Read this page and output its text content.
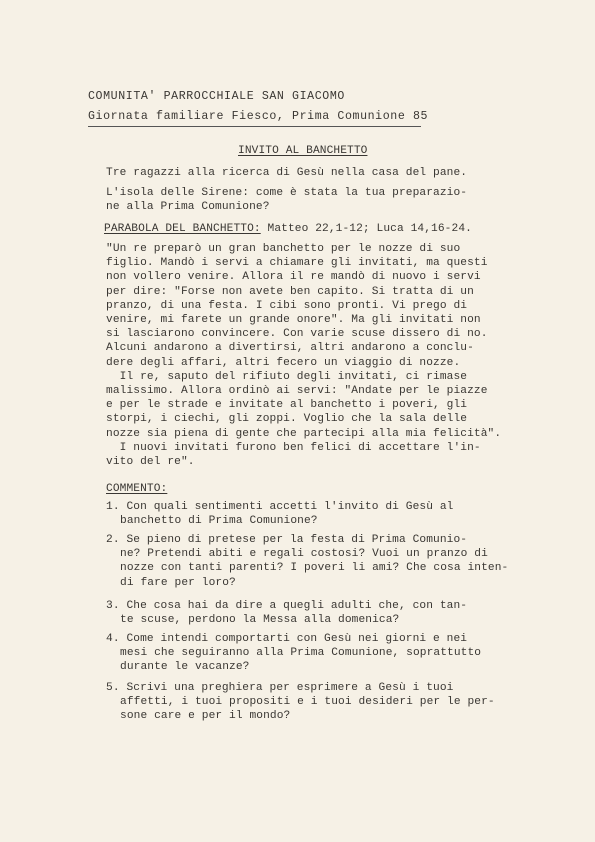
COMUNITA' PARROCCHIALE SAN GIACOMO
Giornata familiare Fiesco, Prima Comunione 85
INVITO AL BANCHETTO
Tre ragazzi alla ricerca di Gesù nella casa del pane.
L'isola delle Sirene: come è stata la tua preparazio-
ne alla Prima Comunione?
PARABOLA DEL BANCHETTO: Matteo 22,1-12; Luca 14,16-24.
"Un re preparò un gran banchetto per le nozze di suo
figlio. Mandò i servi a chiamare gli invitati, ma questi
non vollero venire. Allora il re mandò di nuovo i servi
per dire: "Forse non avete ben capito. Si tratta di un
pranzo, di una festa. I cibi sono pronti. Vi prego di
venire, mi farete un grande onore". Ma gli invitati non
si lasciarono convincere. Con varie scuse dissero di no.
Alcuni andarono a divertirsi, altri andarono a conclu-
dere degli affari, altri fecero un viaggio di nozze.
Il re, saputo del rifiuto degli invitati, ci rimase
malissimo. Allora ordinò ai servi: "Andate per le piazze
e per le strade e invitate al banchetto i poveri, gli
storpi, i ciechi, gli zoppi. Voglio che la sala delle
nozze sia piena di gente che partecipi alla mia felicità".
I nuovi invitati furono ben felici di accettare l'in-
vito del re".
COMMENTO:
1. Con quali sentimenti accetti l'invito di Gesù al
banchetto di Prima Comunione?
2. Se pieno di pretese per la festa di Prima Comunio-
ne? Pretendi abiti e regali costosi? Vuoi un pranzo di
nozze con tanti parenti? I poveri li ami? Che cosa inten-
di fare per loro?
3. Che cosa hai da dire a quegli adulti che, con tan-
te scuse, perdono la Messa alla domenica?
4. Come intendi comportarti con Gesù nei giorni e nei
mesi che seguiranno alla Prima Comunione, soprattutto
durante le vacanze?
5. Scrivi una preghiera per esprimere a Gesù i tuoi
affetti, i tuoi propositi e i tuoi desideri per le per-
sone care e per il mondo?
